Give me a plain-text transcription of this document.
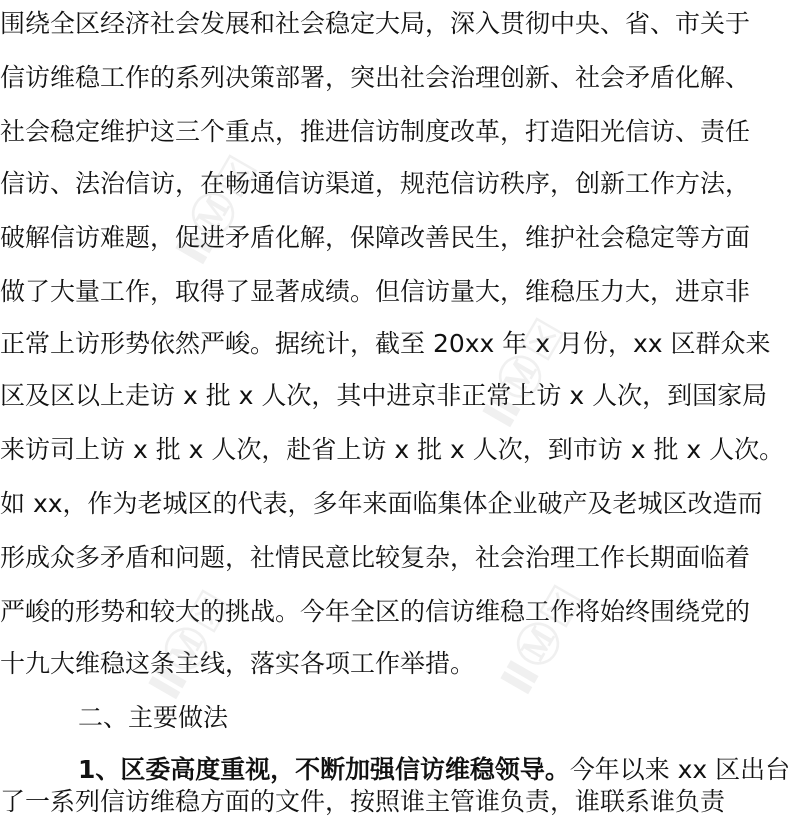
围绕全区经济社会发展和社会稳定大局，深入贯彻中央、省、市关于
信访维稳工作的系列决策部署，突出社会治理创新、社会矛盾化解、
社会稳定维护这三个重点，推进信访制度改革，打造阳光信访、责任
信访、法治信访，在畅通信访渠道，规范信访秩序，创新工作方法，
破解信访难题，促进矛盾化解，保障改善民生，维护社会稳定等方面
做了大量工作，取得了显著成绩。但信访量大，维稳压力大，进京非
正常上访形势依然严峻。据统计，截至 20xx 年 x 月份，xx 区群众来
区及区以上走访 x 批 x 人次，其中进京非正常上访 x 人次，到国家局
来访司上访 x 批 x 人次，赴省上访 x 批 x 人次，到市访 x 批 x 人次。
如 xx，作为老城区的代表，多年来面临集体企业破产及老城区改造而
形成众多矛盾和问题，社情民意比较复杂，社会治理工作长期面临着
严峻的形势和较大的挑战。今年全区的信访维稳工作将始终围绕党的
十九大维稳这条主线，落实各项工作举措。
二、主要做法
1、区委高度重视，不断加强信访维稳领导。今年以来 xx 区出台
了一系列信访维稳方面的文件，按照谁主管谁负责，谁联系谁负责
ⅡⓂ☒
ⅡⓂ☒
ⅡⓂ☒	ⅡⓂ☒
